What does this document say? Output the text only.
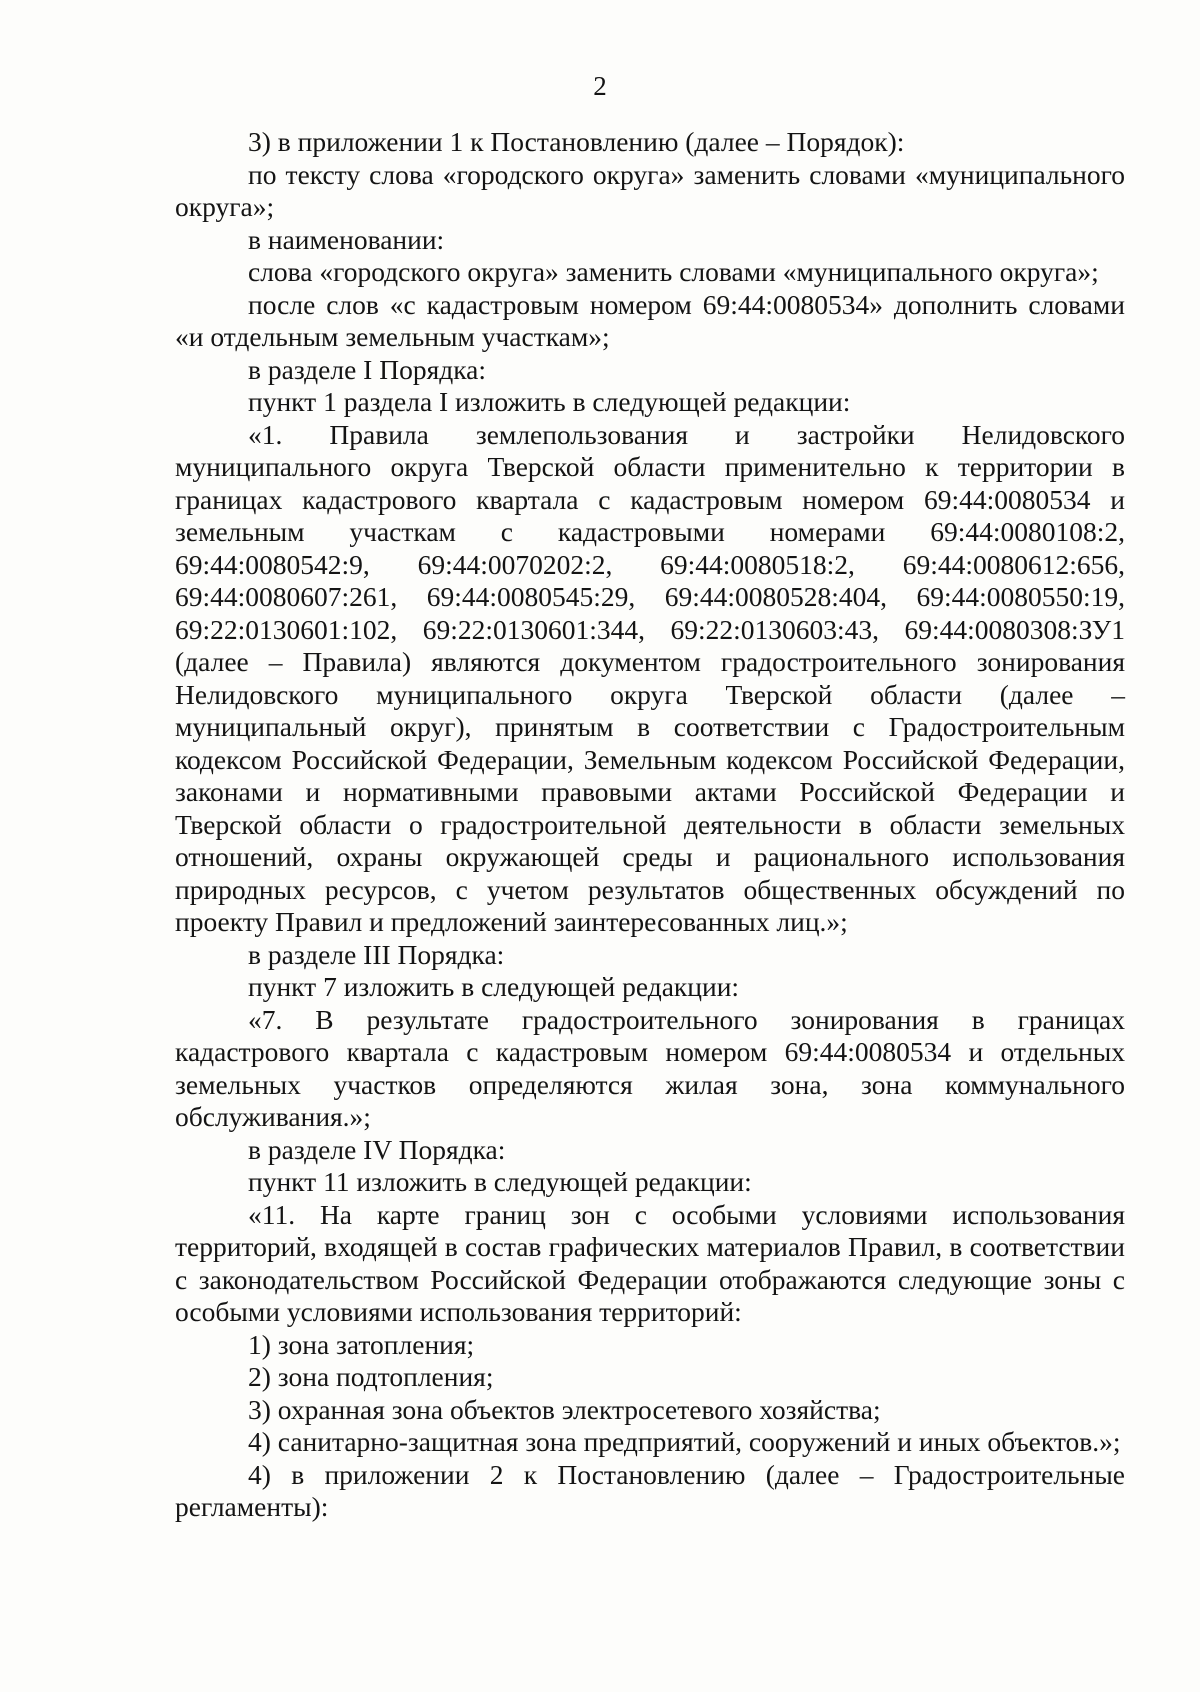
2

3) в приложении 1 к Постановлению (далее – Порядок):

по тексту слова «городского округа» заменить словами «муниципального округа»;

в наименовании:

слова «городского округа» заменить словами «муниципального округа»;

после слов «с кадастровым номером 69:44:0080534» дополнить словами «и отдельным земельным участкам»;

в разделе I Порядка:

пункт 1 раздела I изложить в следующей редакции:

«1. Правила землепользования и застройки Нелидовского муниципального округа Тверской области применительно к территории в границах кадастрового квартала с кадастровым номером 69:44:0080534 и земельным участкам с кадастровыми номерами 69:44:0080108:2, 69:44:0080542:9, 69:44:0070202:2, 69:44:0080518:2, 69:44:0080612:656, 69:44:0080607:261, 69:44:0080545:29, 69:44:0080528:404, 69:44:0080550:19, 69:22:0130601:102, 69:22:0130601:344, 69:22:0130603:43, 69:44:0080308:ЗУ1 (далее – Правила) являются документом градостроительного зонирования Нелидовского муниципального округа Тверской области (далее – муниципальный округ), принятым в соответствии с Градостроительным кодексом Российской Федерации, Земельным кодексом Российской Федерации, законами и нормативными правовыми актами Российской Федерации и Тверской области о градостроительной деятельности в области земельных отношений, охраны окружающей среды и рационального использования природных ресурсов, с учетом результатов общественных обсуждений по проекту Правил и предложений заинтересованных лиц.»;

в разделе III Порядка:

пункт 7 изложить в следующей редакции:

«7. В результате градостроительного зонирования в границах кадастрового квартала с кадастровым номером 69:44:0080534 и отдельных земельных участков определяются жилая зона, зона коммунального обслуживания.»;

в разделе IV Порядка:

пункт 11 изложить в следующей редакции:

«11. На карте границ зон с особыми условиями использования территорий, входящей в состав графических материалов Правил, в соответствии с законодательством Российской Федерации отображаются следующие зоны с особыми условиями использования территорий:

1) зона затопления;

2) зона подтопления;

3) охранная зона объектов электросетевого хозяйства;

4) санитарно-защитная зона предприятий, сооружений и иных объектов.»;

4) в приложении 2 к Постановлению (далее – Градостроительные регламенты):
